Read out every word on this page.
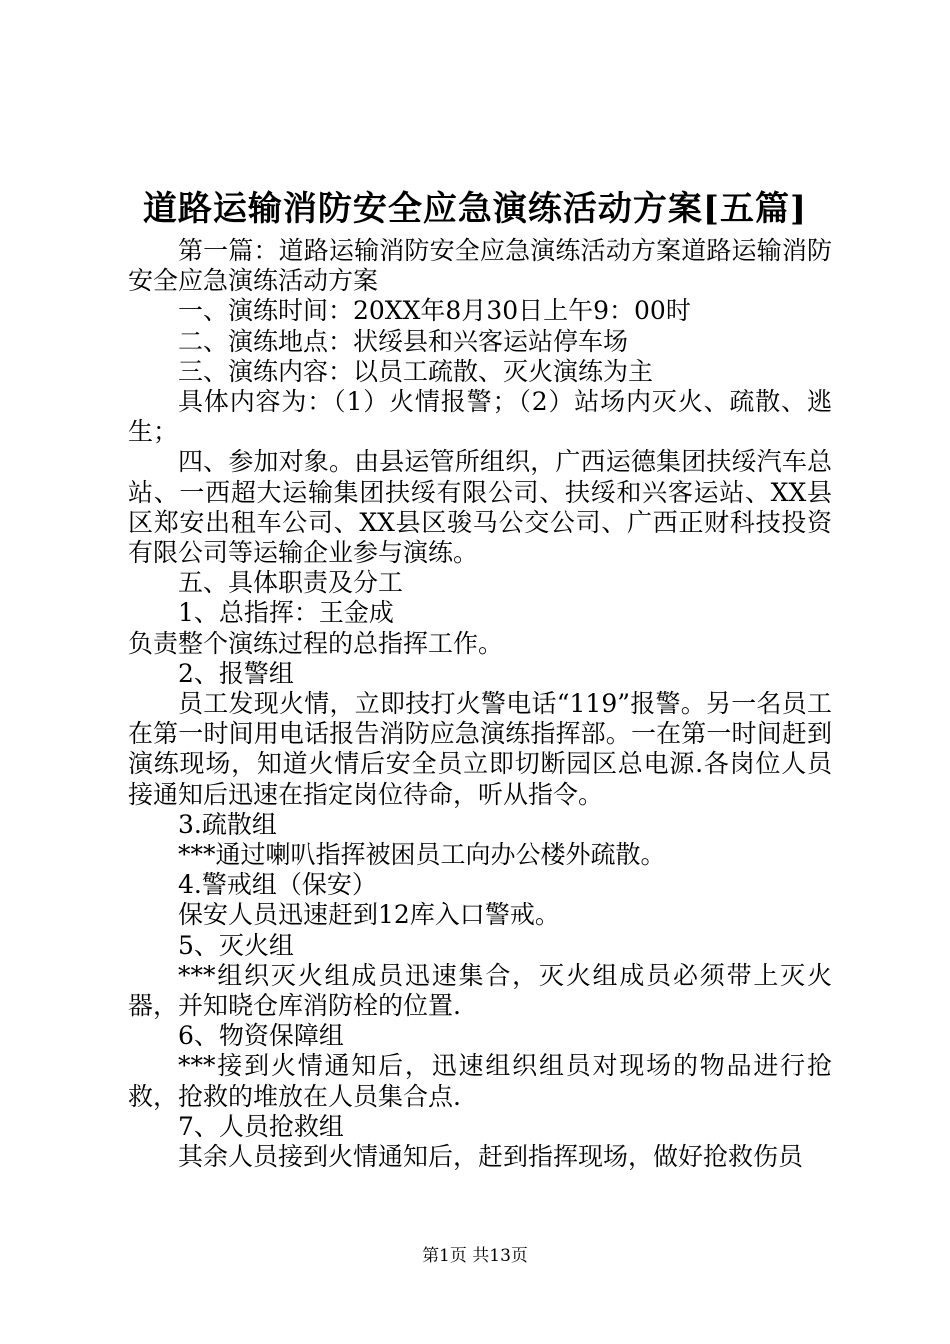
道路运输消防安全应急演练活动方案[五篇]

第一篇：道路运输消防安全应急演练活动方案道路运输消防安全应急演练活动方案

一、演练时间：20XX年8月30日上午9：00时

二、演练地点：状绥县和兴客运站停车场

三、演练内容：以员工疏散、灭火演练为主

具体内容为：（1）火情报警；（2）站场内灭火、疏散、逃生；

四、参加对象。由县运管所组织，广西运德集团扶绥汽车总站、一西超大运输集团扶绥有限公司、扶绥和兴客运站、XX县区郑安出租车公司、XX县区骏马公交公司、广西正财科技投资有限公司等运输企业参与演练。

五、具体职责及分工

1、总指挥：王金成

负责整个演练过程的总指挥工作。

2、报警组

员工发现火情，立即技打火警电话“119”报警。另一名员工在第一时间用电话报告消防应急演练指挥部。一在第一时间赶到演练现场，知道火情后安全员立即切断园区总电源.各岗位人员接通知后迅速在指定岗位待命，听从指令。

3.疏散组

***通过喇叭指挥被困员工向办公楼外疏散。

4.警戒组（保安）

保安人员迅速赶到12库入口警戒。

5、灭火组

***组织灭火组成员迅速集合，灭火组成员必须带上灭火器，并知晓仓库消防栓的位置.

6、物资保障组

***接到火情通知后，迅速组织组员对现场的物品进行抢救，抢救的堆放在人员集合点.

7、人员抢救组

其余人员接到火情通知后，赶到指挥现场，做好抢救伤员

第1页 共13页
